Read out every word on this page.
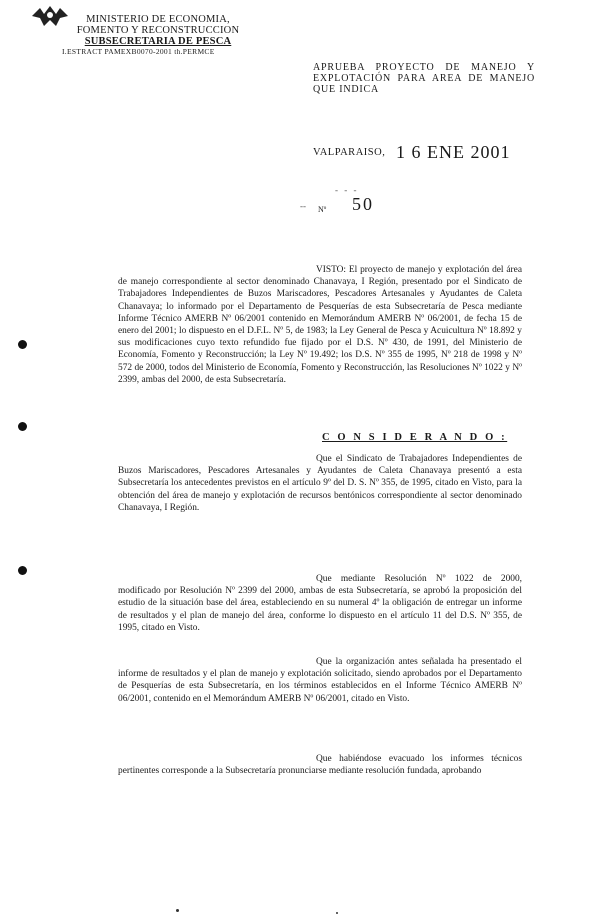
MINISTERIO DE ECONOMIA,
FOMENTO Y RECONSTRUCCION
SUBSECRETARIA DE PESCA
I.ESTRACT PAMEXB0070-2001 th.PERMCE
APRUEBA PROYECTO DE MANEJO Y EXPLOTACIÓN PARA AREA DE MANEJO QUE INDICA
VALPARAISO, 1 6 ENE 2001
- - -
-- Nº 50
VISTO: El proyecto de manejo y explotación del área de manejo correspondiente al sector denominado Chanavaya, I Región, presentado por el Sindicato de Trabajadores Independientes de Buzos Mariscadores, Pescadores Artesanales y Ayudantes de Caleta Chanavaya; lo informado por el Departamento de Pesquerías de esta Subsecretaría de Pesca mediante Informe Técnico AMERB Nº 06/2001 contenido en Memorándum AMERB Nº 06/2001, de fecha 15 de enero del 2001; lo dispuesto en el D.F.L. Nº 5, de 1983; la Ley General de Pesca y Acuicultura Nº 18.892 y sus modificaciones cuyo texto refundido fue fijado por el D.S. Nº 430, de 1991, del Ministerio de Economía, Fomento y Reconstrucción; la Ley Nº 19.492; los D.S. Nº 355 de 1995, Nº 218 de 1998 y Nº 572 de 2000, todos del Ministerio de Economía, Fomento y Reconstrucción, las Resoluciones Nº 1022 y Nº 2399, ambas del 2000, de esta Subsecretaría.
C O N S I D E R A N D O :
Que el Sindicato de Trabajadores Independientes de Buzos Mariscadores, Pescadores Artesanales y Ayudantes de Caleta Chanavaya presentó a esta Subsecretaría los antecedentes previstos en el artículo 9º del D. S. Nº 355, de 1995, citado en Visto, para la obtención del área de manejo y explotación de recursos bentónicos correspondiente al sector denominado Chanavaya, I Región.
Que mediante Resolución Nº 1022 de 2000, modificado por Resolución Nº 2399 del 2000, ambas de esta Subsecretaría, se aprobó la proposición del estudio de la situación base del área, estableciendo en su numeral 4º la obligación de entregar un informe de resultados y el plan de manejo del área, conforme lo dispuesto en el artículo 11 del D.S. Nº 355, de 1995, citado en Visto.
Que la organización antes señalada ha presentado el informe de resultados y el plan de manejo y explotación solicitado, siendo aprobados por el Departamento de Pesquerías de esta Subsecretaría, en los términos establecidos en el Informe Técnico AMERB Nº 06/2001, contenido en el Memorándum AMERB Nº 06/2001, citado en Visto.
Que habiéndose evacuado los informes técnicos pertinentes corresponde a la Subsecretaría pronunciarse mediante resolución fundada, aprobando
